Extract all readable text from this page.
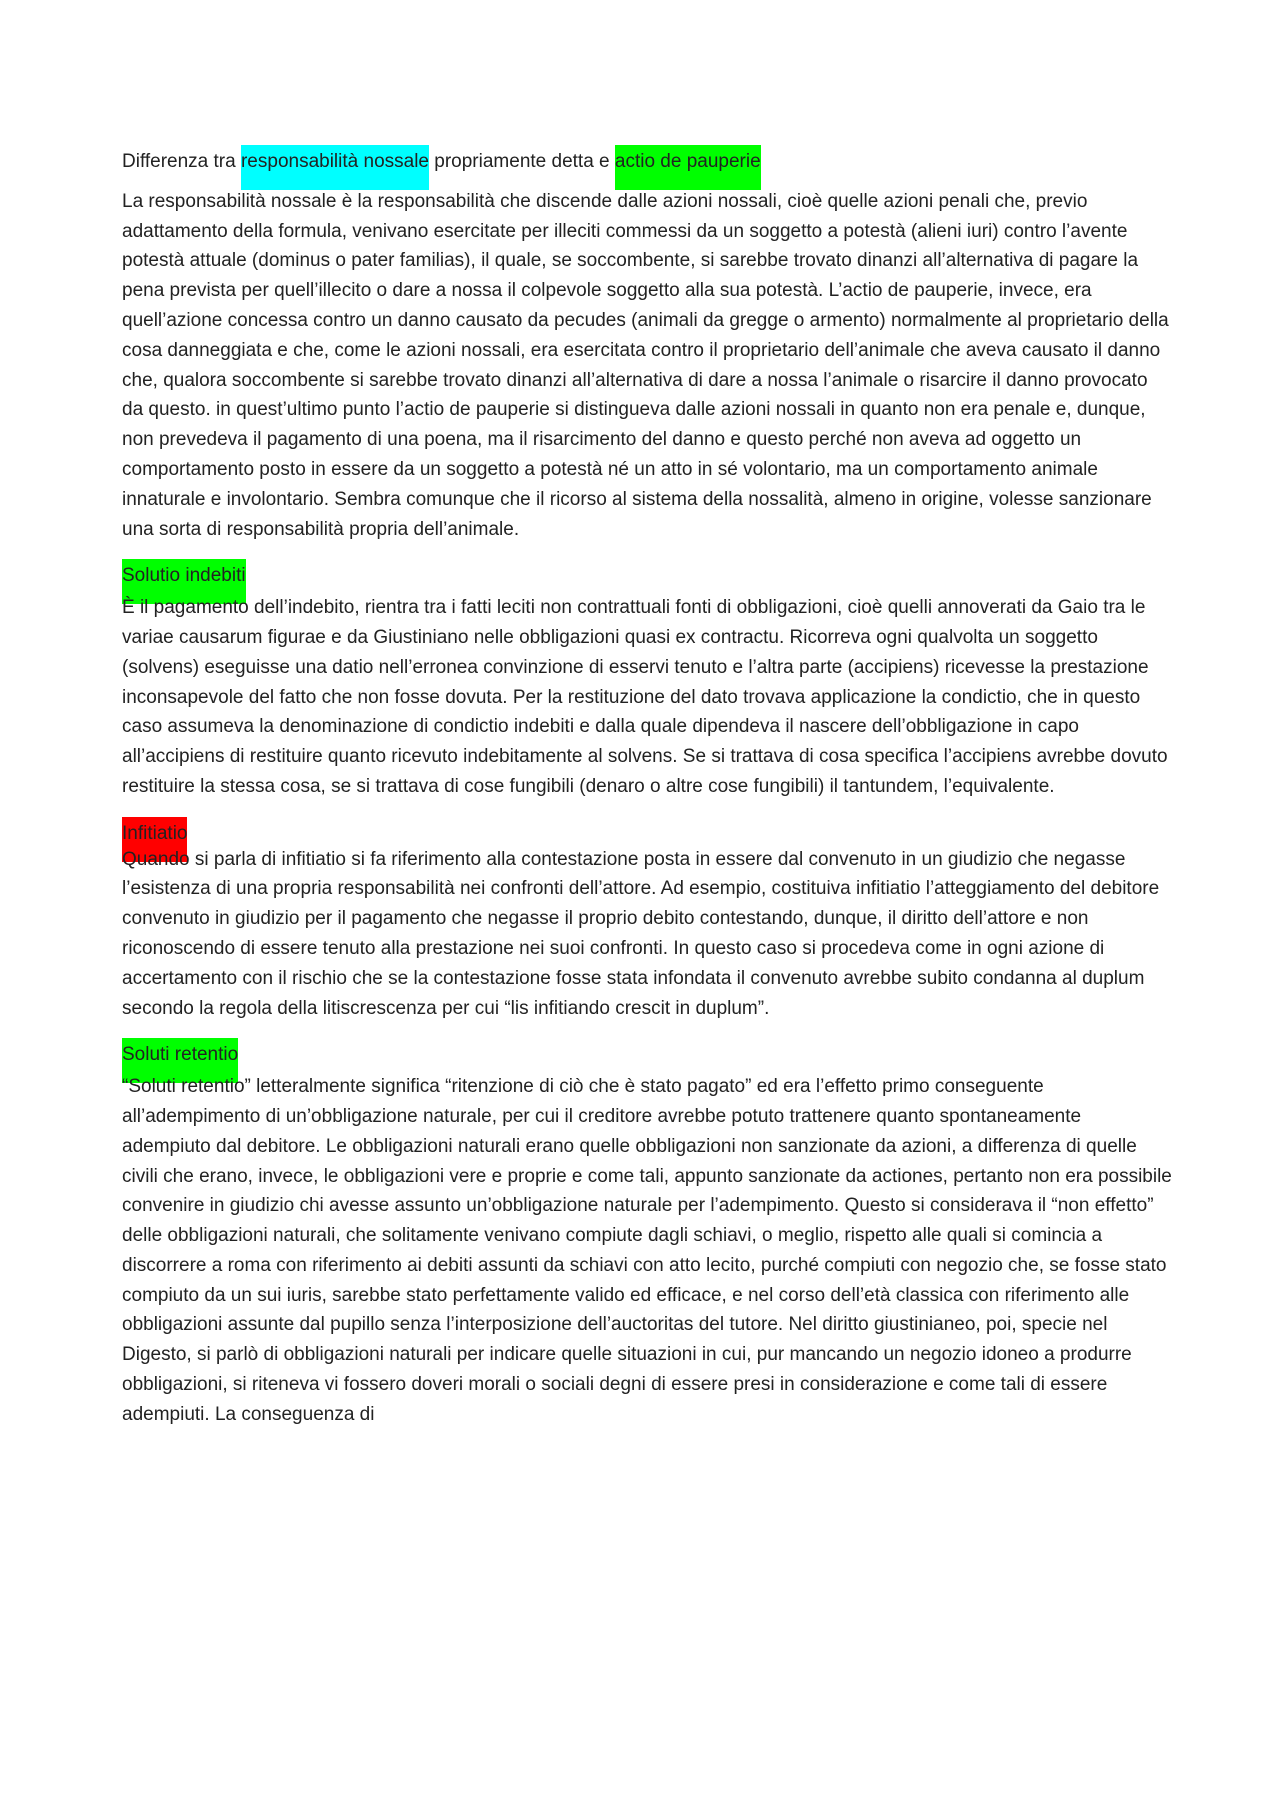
Differenza tra responsabilità nossale propriamente detta e actio de pauperie

La responsabilità nossale è la responsabilità che discende dalle azioni nossali, cioè quelle azioni penali che, previo adattamento della formula, venivano esercitate per illeciti commessi da un soggetto a potestà (alieni iuri) contro l’avente potestà attuale (dominus o pater familias), il quale, se soccombente, si sarebbe trovato dinanzi all’alternativa di pagare la pena prevista per quell’illecito o dare a nossa il colpevole soggetto alla sua potestà. L’actio de pauperie, invece, era quell’azione concessa contro un danno causato da pecudes (animali da gregge o armento) normalmente al proprietario della cosa danneggiata e che, come le azioni nossali, era esercitata contro il proprietario dell’animale che aveva causato il danno che, qualora soccombente si sarebbe trovato dinanzi all’alternativa di dare a nossa l’animale o risarcire il danno provocato da questo. in quest’ultimo punto l’actio de pauperie si distingueva dalle azioni nossali in quanto non era penale e, dunque, non prevedeva il pagamento di una poena, ma il risarcimento del danno e questo perché non aveva ad oggetto un comportamento posto in essere da un soggetto a potestà né un atto in sé volontario, ma un comportamento animale innaturale e involontario. Sembra comunque che il ricorso al sistema della nossalità, almeno in origine, volesse sanzionare una sorta di responsabilità propria dell’animale.

Solutio indebiti

È il pagamento dell’indebito, rientra tra i fatti leciti non contrattuali fonti di obbligazioni, cioè quelli annoverati da Gaio tra le variae causarum figurae e da Giustiniano nelle obbligazioni quasi ex contractu. Ricorreva ogni qualvolta un soggetto (solvens) eseguisse una datio nell’erronea convinzione di esservi tenuto e l’altra parte (accipiens) ricevesse la prestazione inconsapevole del fatto che non fosse dovuta. Per la restituzione del dato trovava applicazione la condictio, che in questo caso assumeva la denominazione di condictio indebiti e dalla quale dipendeva il nascere dell’obbligazione in capo all’accipiens di restituire quanto ricevuto indebitamente al solvens. Se si trattava di cosa specifica l’accipiens avrebbe dovuto restituire la stessa cosa, se si trattava di cose fungibili (denaro o altre cose fungibili) il tantundem, l’equivalente.

Infitiatio

Quando si parla di infitiatio si fa riferimento alla contestazione posta in essere dal convenuto in un giudizio che negasse l’esistenza di una propria responsabilità nei confronti dell’attore. Ad esempio, costituiva infitiatio l’atteggiamento del debitore convenuto in giudizio per il pagamento che negasse il proprio debito contestando, dunque, il diritto dell’attore e non riconoscendo di essere tenuto alla prestazione nei suoi confronti. In questo caso si procedeva come in ogni azione di accertamento con il rischio che se la contestazione fosse stata infondata il convenuto avrebbe subito condanna al duplum secondo la regola della litiscrescenza per cui “lis infitiando crescit in duplum”.

Soluti retentio

“Soluti retentio” letteralmente significa “ritenzione di ciò che è stato pagato” ed era l’effetto primo conseguente all’adempimento di un’obbligazione naturale, per cui il creditore avrebbe potuto trattenere quanto spontaneamente adempiuto dal debitore. Le obbligazioni naturali erano quelle obbligazioni non sanzionate da azioni, a differenza di quelle civili che erano, invece, le obbligazioni vere e proprie e come tali, appunto sanzionate da actiones, pertanto non era possibile convenire in giudizio chi avesse assunto un’obbligazione naturale per l’adempimento. Questo si considerava il “non effetto” delle obbligazioni naturali, che solitamente venivano compiute dagli schiavi, o meglio, rispetto alle quali si comincia a discorrere a roma con riferimento ai debiti assunti da schiavi con atto lecito, purché compiuti con negozio che, se fosse stato compiuto da un sui iuris, sarebbe stato perfettamente valido ed efficace, e nel corso dell’età classica con riferimento alle obbligazioni assunte dal pupillo senza l’interposizione dell’auctoritas del tutore. Nel diritto giustinianeo, poi, specie nel Digesto, si parlò di obbligazioni naturali per indicare quelle situazioni in cui, pur mancando un negozio idoneo a produrre obbligazioni, si riteneva vi fossero doveri morali o sociali degni di essere presi in considerazione e come tali di essere adempiuti. La conseguenza di
